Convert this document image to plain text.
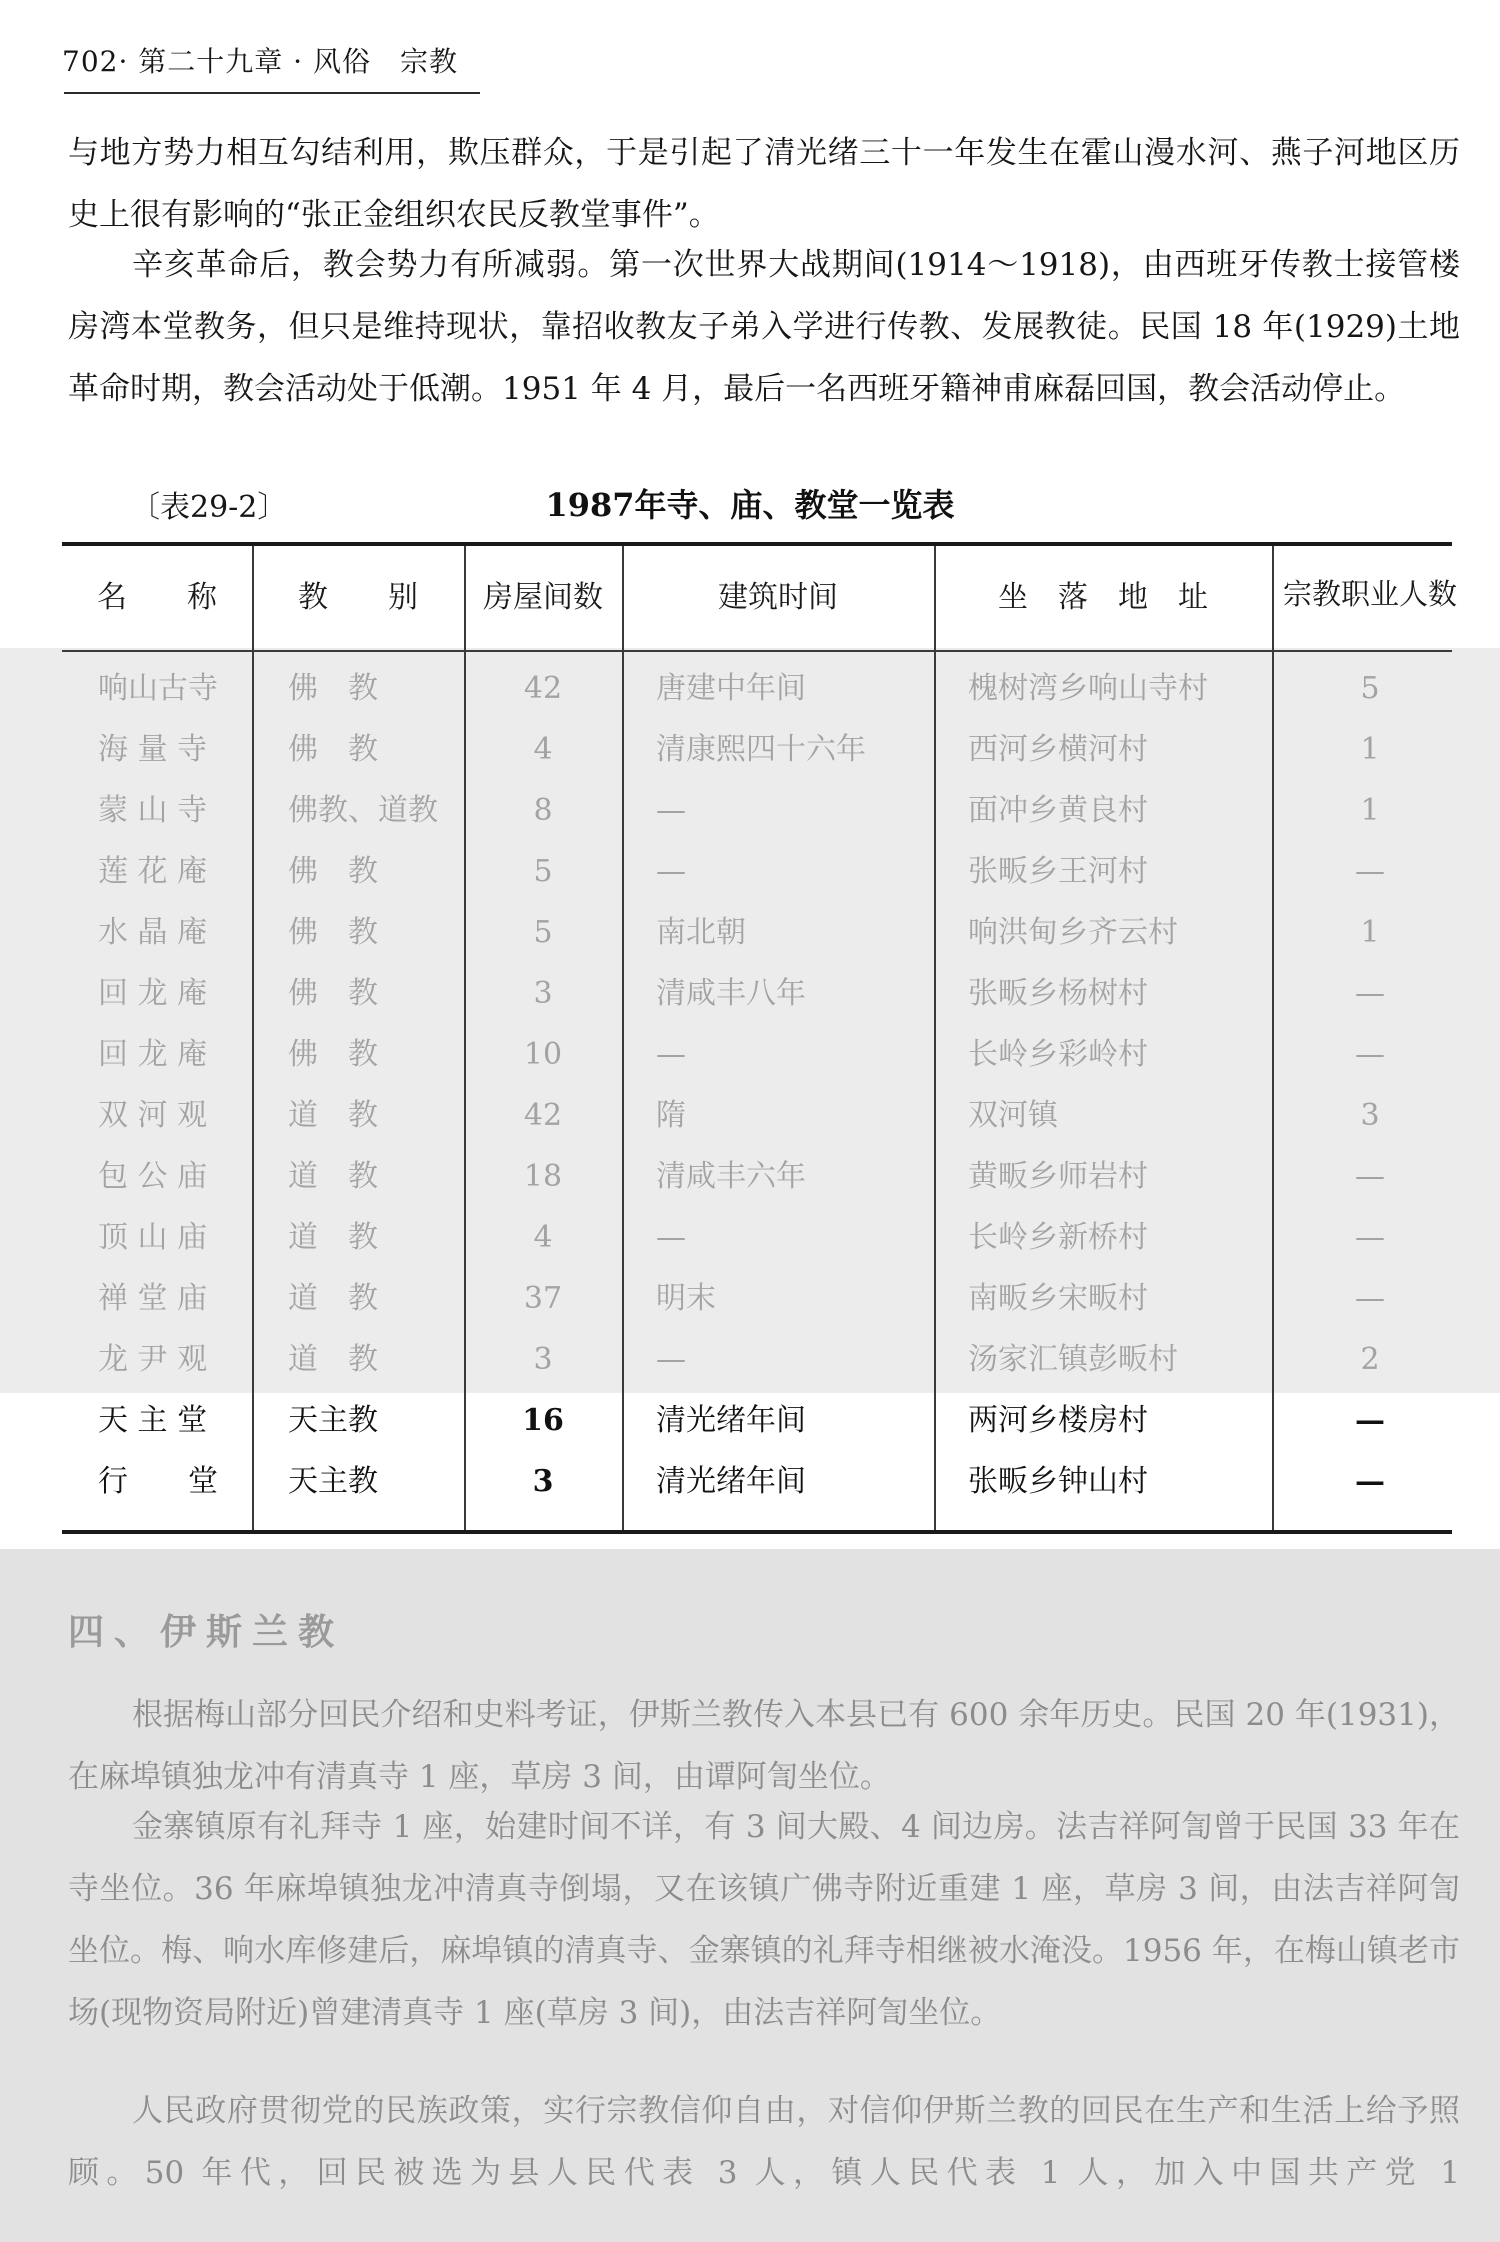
702· 第二十九章 · 风俗　宗教

与地方势力相互勾结利用，欺压群众，于是引起了清光绪三十一年发生在霍山漫水河、燕子河地区历史上很有影响的“张正金组织农民反教堂事件”。

辛亥革命后，教会势力有所减弱。第一次世界大战期间(1914～1918)，由西班牙传教士接管楼房湾本堂教务，但只是维持现状，靠招收教友子弟入学进行传教、发展教徒。民国 18 年(1929)土地革命时期，教会活动处于低潮。1951 年 4 月，最后一名西班牙籍神甫麻磊回国，教会活动停止。

〔表29-2〕	1987年寺、庙、教堂一览表
名　　称	教　　别	房屋间数	建筑时间	坐　落　地　址	宗教职业人数
响山古寺	佛　教	42	唐建中年间	槐树湾乡响山寺村	5
海 量 寺	佛　教	4	清康熙四十六年	西河乡横河村	1
蒙 山 寺	佛教、道教	8	—	面冲乡黄良村	1
莲 花 庵	佛　教	5	—	张畈乡王河村	—
水 晶 庵	佛　教	5	南北朝	响洪甸乡齐云村	1
回 龙 庵	佛　教	3	清咸丰八年	张畈乡杨树村	—
回 龙 庵	佛　教	10	—	长岭乡彩岭村	—
双 河 观	道　教	42	隋	双河镇	3
包 公 庙	道　教	18	清咸丰六年	黄畈乡师岩村	—
顶 山 庙	道　教	4	—	长岭乡新桥村	—
禅 堂 庙	道　教	37	明末	南畈乡宋畈村	—
龙 尹 观	道　教	3	—	汤家汇镇彭畈村	2
天 主 堂	天主教	16	清光绪年间	两河乡楼房村	—
行　　堂	天主教	3	清光绪年间	张畈乡钟山村	—
四、伊斯兰教

根据梅山部分回民介绍和史料考证，伊斯兰教传入本县已有 600 余年历史。民国 20 年(1931)，在麻埠镇独龙冲有清真寺 1 座，草房 3 间，由谭阿訇坐位。

金寨镇原有礼拜寺 1 座，始建时间不详，有 3 间大殿、4 间边房。法吉祥阿訇曾于民国 33 年在寺坐位。36 年麻埠镇独龙冲清真寺倒塌，又在该镇广佛寺附近重建 1 座，草房 3 间，由法吉祥阿訇坐位。梅、响水库修建后，麻埠镇的清真寺、金寨镇的礼拜寺相继被水淹没。1956 年，在梅山镇老市场(现物资局附近)曾建清真寺 1 座(草房 3 间)，由法吉祥阿訇坐位。

人民政府贯彻党的民族政策，实行宗教信仰自由，对信仰伊斯兰教的回民在生产和生活上给予照顾。50 年代，回民被选为县人民代表 3 人，镇人民代表 1 人，加入中国共产党 1
